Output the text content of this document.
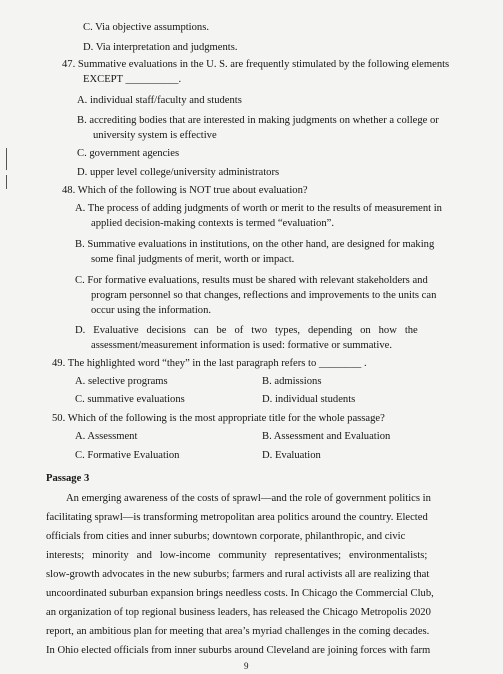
C. Via objective assumptions.
D. Via interpretation and judgments.
47. Summative evaluations in the U. S. are frequently stimulated by the following elements
EXCEPT __________.
A. individual staff/faculty and students
B. accrediting bodies that are interested in making judgments on whether a college or
university system is effective
C. government agencies
D. upper level college/university administrators
48. Which of the following is NOT true about evaluation?
A. The process of adding judgments of worth or merit to the results of measurement in
applied decision-making contexts is termed “evaluation”.
B. Summative evaluations in institutions, on the other hand, are designed for making
some final judgments of merit, worth or impact.
C. For formative evaluations, results must be shared with relevant stakeholders and
program personnel so that changes, reflections and improvements to the units can
occur using the information.
D.   Evaluative   decisions   can   be   of   two   types,   depending   on   how   the
assessment/measurement information is used: formative or summative.
49. The highlighted word “they” in the last paragraph refers to ________ .
A. selective programs	B. admissions
C. summative evaluations	D. individual students
50. Which of the following is the most appropriate title for the whole passage?
A. Assessment	B. Assessment and Evaluation
C. Formative Evaluation	D. Evaluation
Passage 3
An emerging awareness of the costs of sprawl—and the role of government politics in
facilitating sprawl—is transforming metropolitan area politics around the country. Elected
officials from cities and inner suburbs; downtown corporate, philanthropic, and civic
interests;   minority   and   low-income   community   representatives;   environmentalists;
slow-growth advocates in the new suburbs; farmers and rural activists all are realizing that
uncoordinated suburban expansion brings needless costs. In Chicago the Commercial Club,
an organization of top regional business leaders, has released the Chicago Metropolis 2020
report, an ambitious plan for meeting that area’s myriad challenges in the coming decades.
In Ohio elected officials from inner suburbs around Cleveland are joining forces with farm
9
